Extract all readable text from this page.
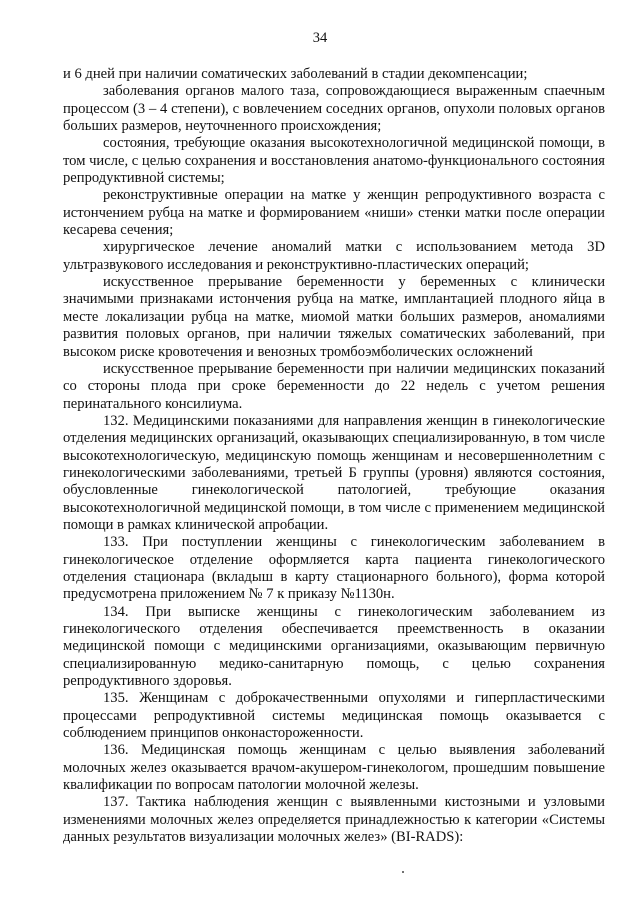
34

и 6 дней при наличии соматических заболеваний в стадии декомпенсации;

заболевания органов малого таза, сопровождающиеся выраженным спаечным процессом (3 – 4 степени), с вовлечением соседних органов, опухоли половых органов больших размеров, неуточненного происхождения;

состояния, требующие оказания высокотехнологичной медицинской помощи, в том числе, с целью сохранения и восстановления анатомо-функционального состояния репродуктивной системы;

реконструктивные операции на матке у женщин репродуктивного возраста с истончением рубца на матке и формированием «ниши» стенки матки после операции кесарева сечения;

хирургическое лечение аномалий матки с использованием метода 3D ультразвукового исследования и реконструктивно-пластических операций;

искусственное прерывание беременности у беременных с клинически значимыми признаками истончения рубца на матке, имплантацией плодного яйца в месте локализации рубца на матке, миомой матки больших размеров, аномалиями развития половых органов, при наличии тяжелых соматических заболеваний, при высоком риске кровотечения и венозных тромбоэмболических осложнений

искусственное прерывание беременности при наличии медицинских показаний со стороны плода при сроке беременности до 22 недель с учетом решения перинатального консилиума.

132. Медицинскими показаниями для направления женщин в гинекологические отделения медицинских организаций, оказывающих специализированную, в том числе высокотехнологическую, медицинскую помощь женщинам и несовершеннолетним с гинекологическими заболеваниями, третьей Б группы (уровня) являются состояния, обусловленные гинекологической патологией, требующие оказания высокотехнологичной медицинской помощи, в том числе с применением медицинской помощи в рамках клинической апробации.

133. При поступлении женщины с гинекологическим заболеванием в гинекологическое отделение оформляется карта пациента гинекологического отделения стационара (вкладыш в карту стационарного больного), форма которой предусмотрена приложением № 7 к приказу №1130н.

134. При выписке женщины с гинекологическим заболеванием из гинекологического отделения обеспечивается преемственность в оказании медицинской помощи с медицинскими организациями, оказывающим первичную специализированную медико-санитарную помощь, с целью сохранения репродуктивного здоровья.

135. Женщинам с доброкачественными опухолями и гиперпластическими процессами репродуктивной системы медицинская помощь оказывается с соблюдением принципов онконастороженности.

136. Медицинская помощь женщинам с целью выявления заболеваний молочных желез оказывается врачом-акушером-гинекологом, прошедшим повышение квалификации по вопросам патологии молочной железы.

137. Тактика наблюдения женщин с выявленными кистозными и узловыми изменениями молочных желез определяется принадлежностью к категории «Системы данных результатов визуализации молочных желез» (BI-RADS):
